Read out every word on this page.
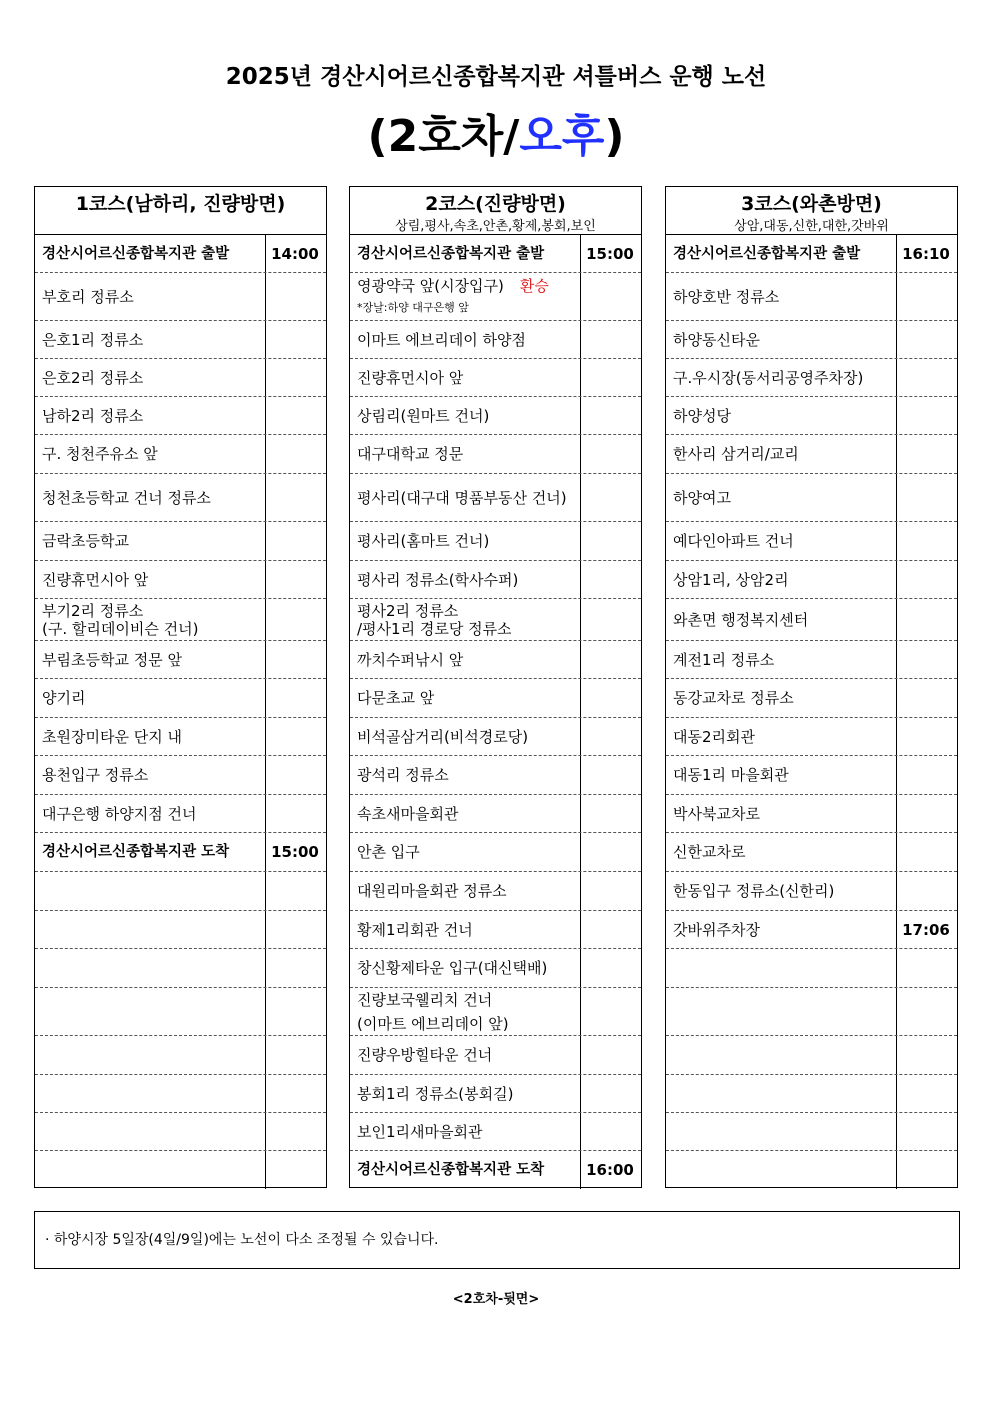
2025년 경산시어르신종합복지관 셔틀버스 운행 노선
(2호차/오후)
1코스(남하리, 진량방면)
경산시어르신종합복지관 출발	14:00
부호리 정류소
은호1리 정류소
은호2리 정류소
남하2리 정류소
구. 청천주유소 앞
청천초등학교 건너 정류소
금락초등학교
진량휴먼시아 앞
부기2리 정류소
(구. 할리데이비슨 건너)
부림초등학교 정문 앞
양기리
초원장미타운 단지 내
용천입구 정류소
대구은행 하양지점 건너
경산시어르신종합복지관 도착	15:00
2코스(진량방면)
상림,평사,속초,안촌,황제,봉회,보인
경산시어르신종합복지관 출발	15:00
영광약국 앞(시장입구) 환승
*장날:하양 대구은행 앞
이마트 에브리데이 하양점
진량휴먼시아 앞
상림리(원마트 건너)
대구대학교 정문
평사리(대구대 명품부동산 건너)
평사리(홈마트 건너)
평사리 정류소(학사수퍼)
평사2리 정류소
/평사1리 경로당 정류소
까치수퍼낚시 앞
다문초교 앞
비석골삼거리(비석경로당)
광석리 정류소
속초새마을회관
안촌 입구
대원리마을회관 정류소
황제1리회관 건너
창신황제타운 입구(대신택배)
진량보국웰리치 건너
(이마트 에브리데이 앞)
진량우방힐타운 건너
봉회1리 정류소(봉회길)
보인1리새마을회관
경산시어르신종합복지관 도착	16:00
3코스(와촌방면)
상암,대동,신한,대한,갓바위
경산시어르신종합복지관 출발	16:10
하양호반 정류소
하양동신타운
구.우시장(동서리공영주차장)
하양성당
한사리 삼거리/교리
하양여고
예다인아파트 건너
상암1리, 상암2리
와촌면 행정복지센터
계전1리 정류소
동강교차로 정류소
대동2리회관
대동1리 마을회관
박사북교차로
신한교차로
한동입구 정류소(신한리)
갓바위주차장	17:06
· 하양시장 5일장(4일/9일)에는 노선이 다소 조정될 수 있습니다.
<2호차-뒷면>
